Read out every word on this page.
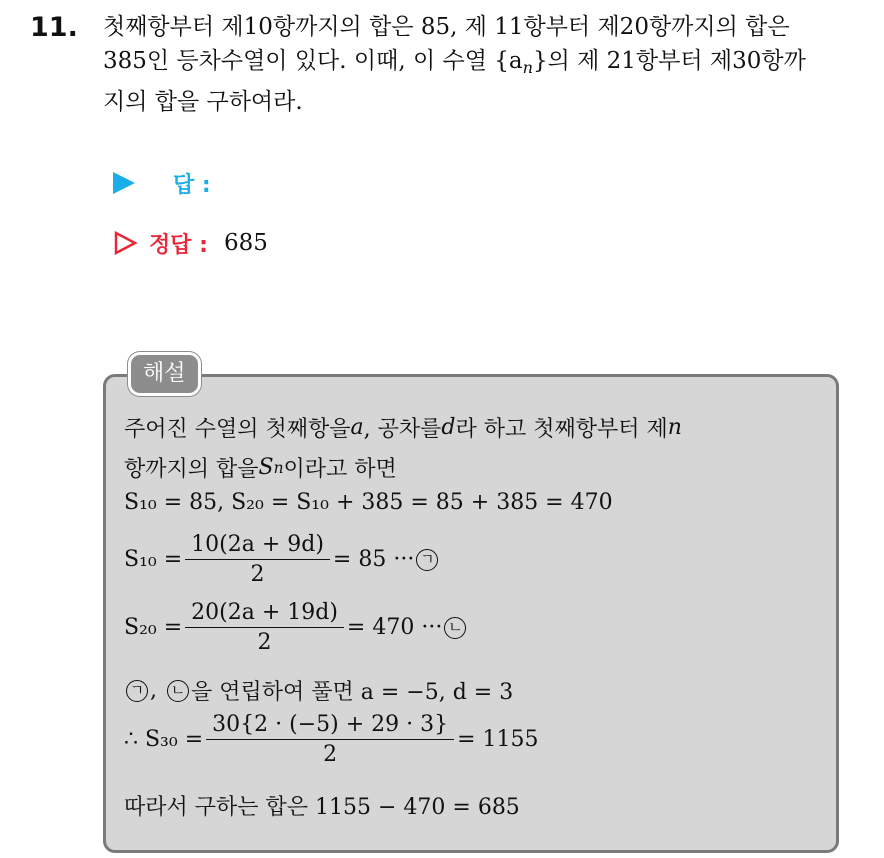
11. 첫째항부터 제10항까지의 합은 85, 제 11항부터 제20항까지의 합은
385인 등차수열이 있다. 이때, 이 수열 $\{a_n\}$의 제 21항부터 제30항까
지의 합을 구하여라.
답 :
정답 : 685
해설
주어진 수열의 첫째항을 a , 공차를 d 라 하고 첫째항부터 제 n
항까지의 합을 S n 이라고 하면
S₁₀ = 85, S₂₀ = S₁₀ + 385 = 85 + 385 = 470
$S_{10} = \frac{10(2a + 9d)}{2} = 85$ ··· ㄱ
$S_{20} = \frac{20(2a + 19d)}{2} = 470$ ··· ㄴ
ㄱ , ㄴ 을 연립하여 풀면 a = −5, d = 3
∴ $S_{30} = \frac{30\{2 \cdot (-5) + 29 \cdot 3\}}{2} = 1155$
따라서 구하는 합은 1155 − 470 = 685
